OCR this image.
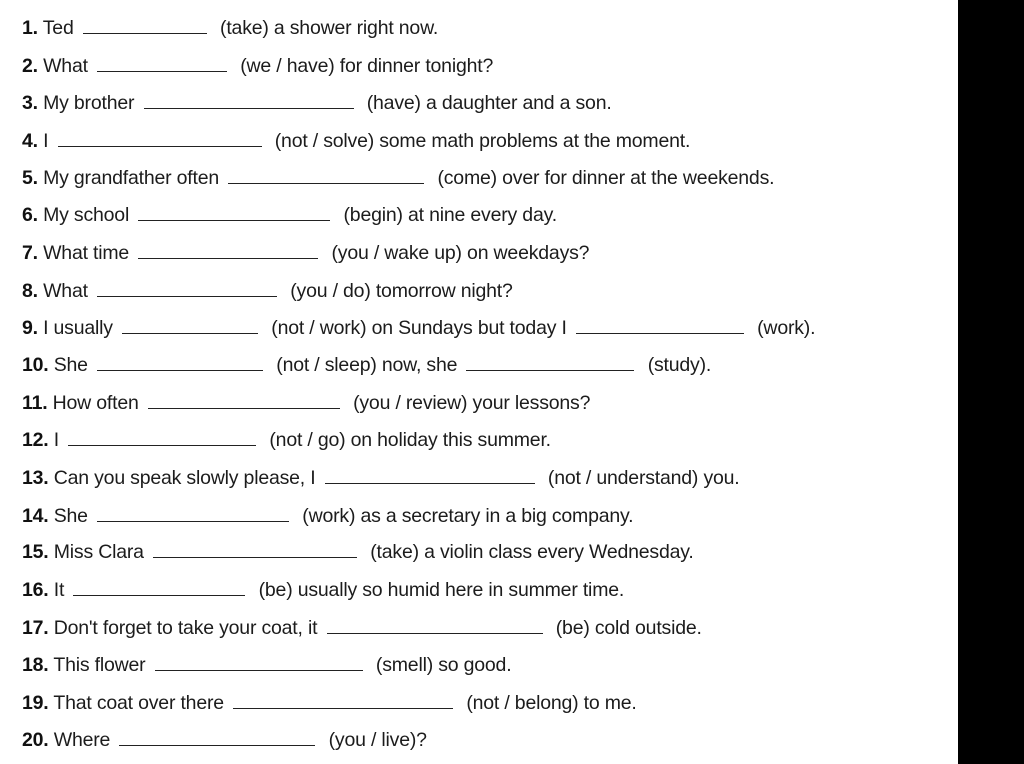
1. Ted	(take) a shower right now.
2. What	(we / have) for dinner tonight?
3. My brother	(have) a daughter and a son.
4. I	(not / solve) some math problems at the moment.
5. My grandfather often	(come) over for dinner at the weekends.
6. My school	(begin) at nine every day.
7. What time	(you / wake up) on weekdays?
8. What	(you / do) tomorrow night?
9. I usually	(not / work) on Sundays but today I	(work).
10. She	(not / sleep) now, she	(study).
11. How often	(you / review) your lessons?
12. I	(not / go) on holiday this summer.
13. Can you speak slowly please, I	(not / understand) you.
14. She	(work) as a secretary in a big company.
15. Miss Clara	(take) a violin class every Wednesday.
16. It	(be) usually so humid here in summer time.
17. Don't forget to take your coat, it	(be) cold outside.
18. This flower	(smell) so good.
19. That coat over there	(not / belong) to me.
20. Where	(you / live)?
